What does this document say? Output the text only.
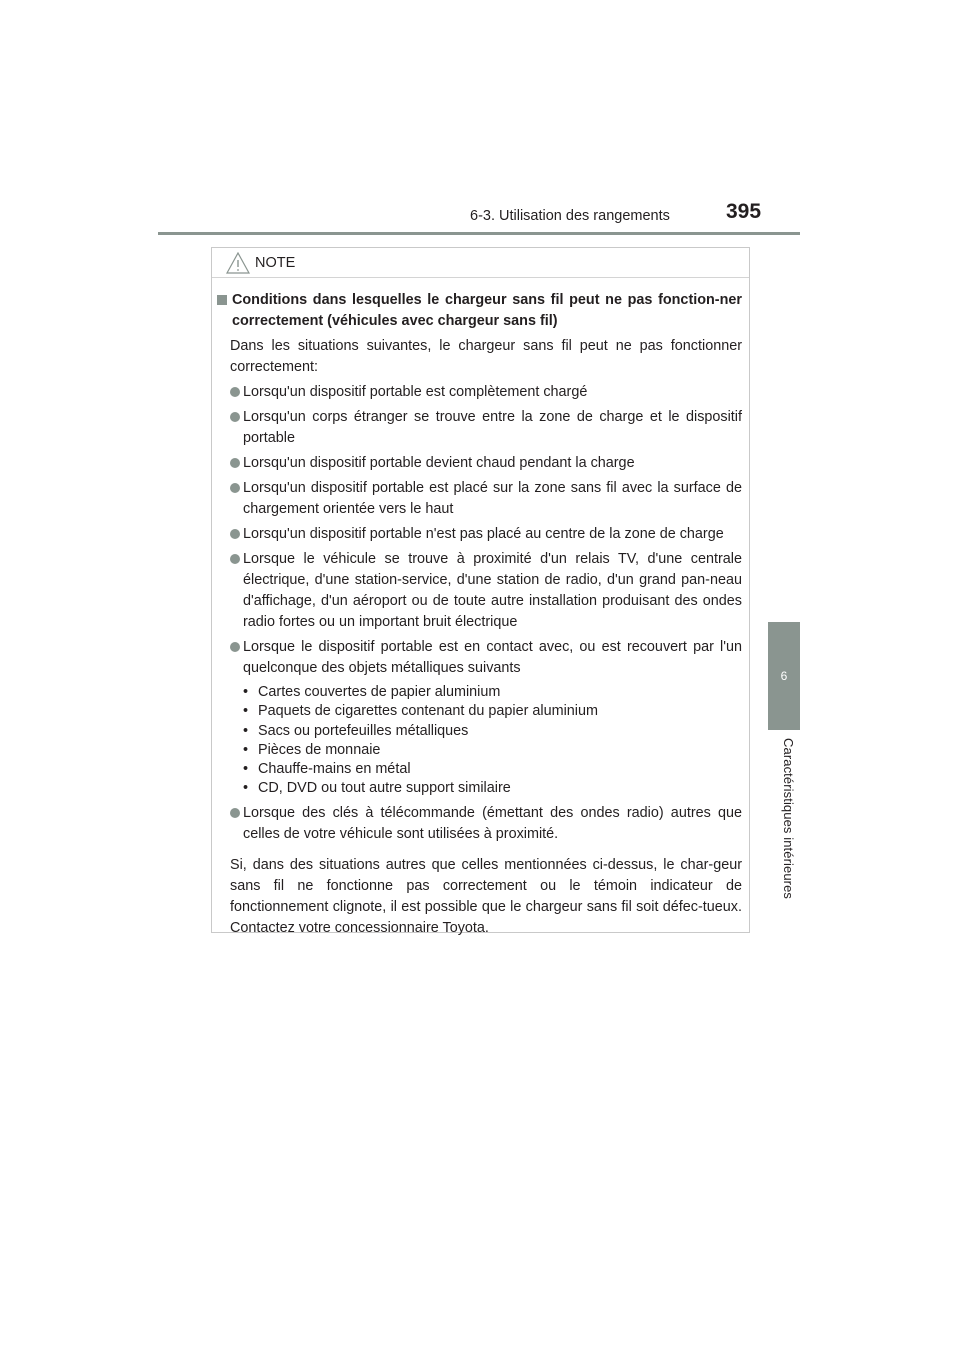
6-3. Utilisation des rangements	395
6
Caractéristiques intérieures
NOTE
Conditions dans lesquelles le chargeur sans fil peut ne pas fonction-ner correctement (véhicules avec chargeur sans fil)
Dans les situations suivantes, le chargeur sans fil peut ne pas fonctionner correctement:
Lorsqu'un dispositif portable est complètement chargé
Lorsqu'un corps étranger se trouve entre la zone de charge et le dispositif portable
Lorsqu'un dispositif portable devient chaud pendant la charge
Lorsqu'un dispositif portable est placé sur la zone sans fil avec la surface de chargement orientée vers le haut
Lorsqu'un dispositif portable n'est pas placé au centre de la zone de charge
Lorsque le véhicule se trouve à proximité d'un relais TV, d'une centrale électrique, d'une station-service, d'une station de radio, d'un grand pan-neau d'affichage, d'un aéroport ou de toute autre installation produisant des ondes radio fortes ou un important bruit électrique
Lorsque le dispositif portable est en contact avec, ou est recouvert par l'un quelconque des objets métalliques suivants
• Cartes couvertes de papier aluminium
• Paquets de cigarettes contenant du papier aluminium
• Sacs ou portefeuilles métalliques
• Pièces de monnaie
• Chauffe-mains en métal
• CD, DVD ou tout autre support similaire
Lorsque des clés à télécommande (émettant des ondes radio) autres que celles de votre véhicule sont utilisées à proximité.
Si, dans des situations autres que celles mentionnées ci-dessus, le char-geur sans fil ne fonctionne pas correctement ou le témoin indicateur de fonctionnement clignote, il est possible que le chargeur sans fil soit défec-tueux. Contactez votre concessionnaire Toyota.
